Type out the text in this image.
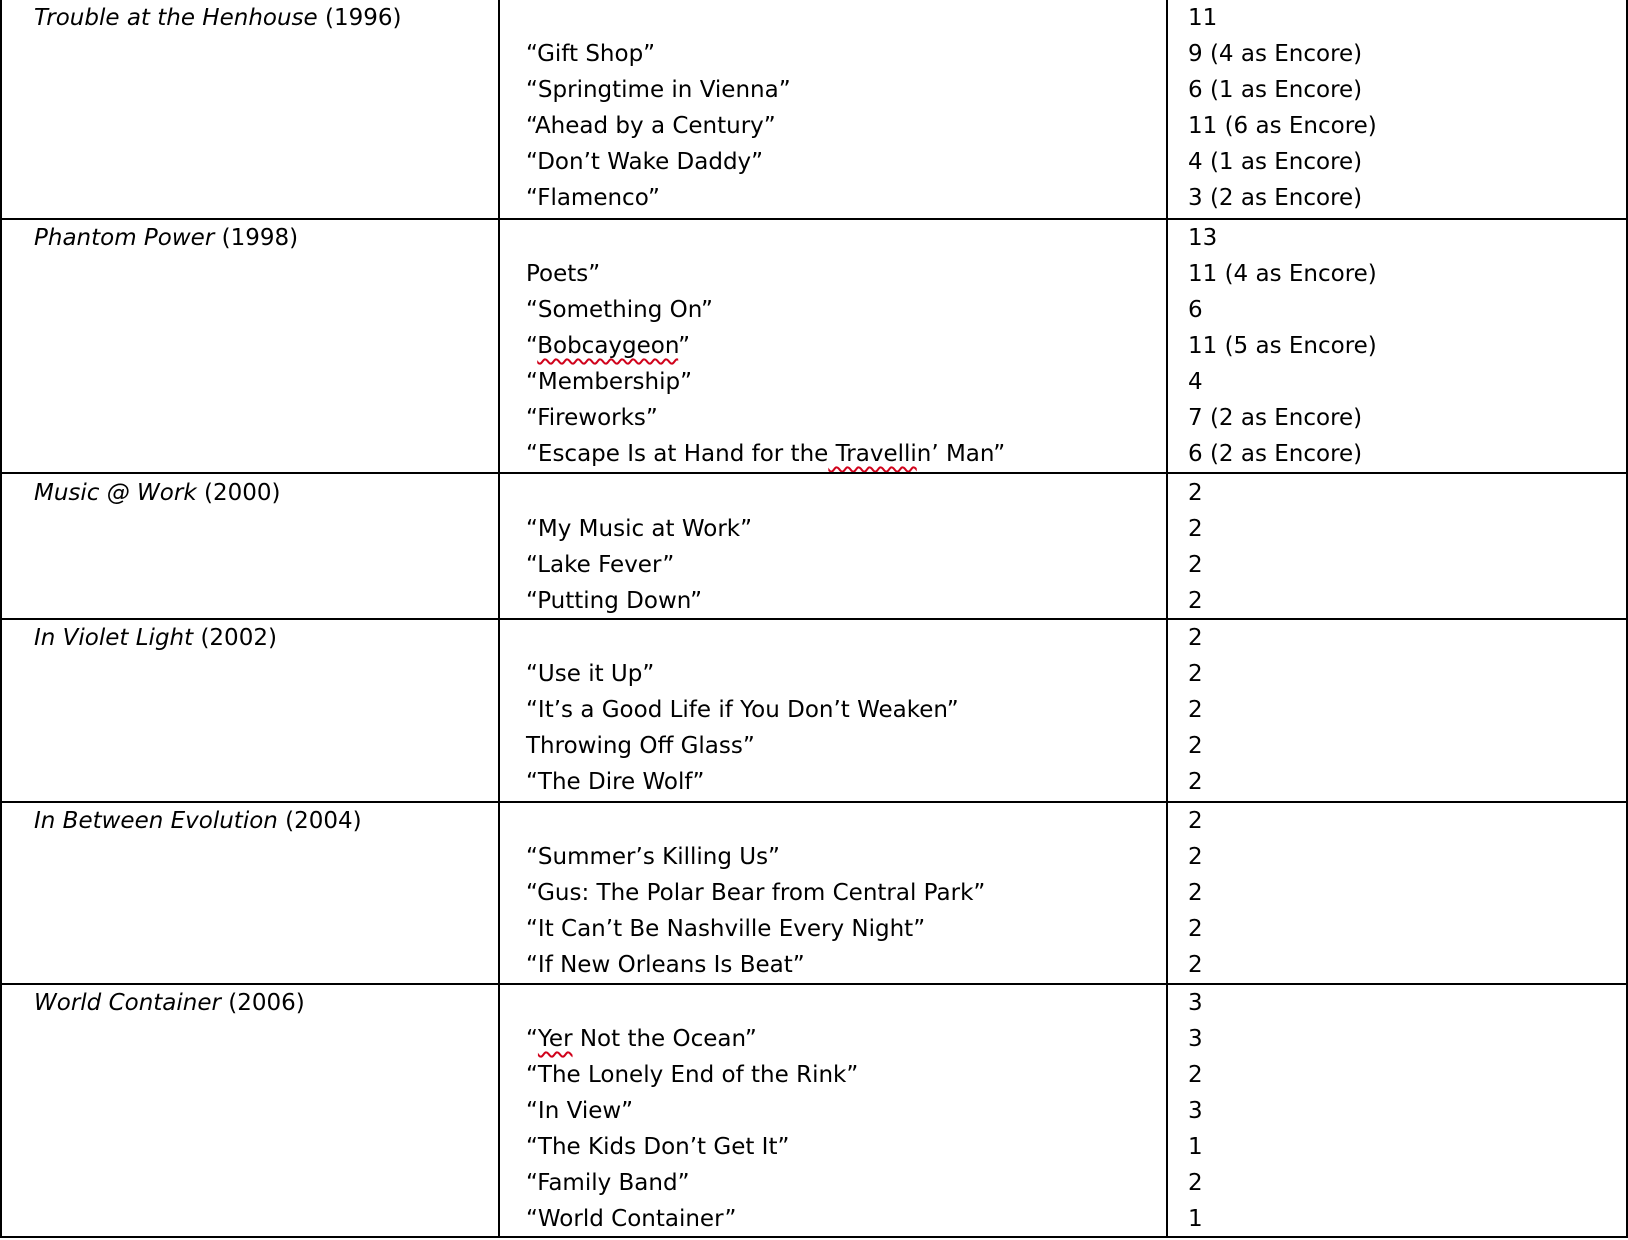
Trouble at the Henhouse (1996)	11
“Gift Shop”	9 (4 as Encore)
“Springtime in Vienna”	6 (1 as Encore)
“Ahead by a Century”	11 (6 as Encore)
“Don’t Wake Daddy”	4 (1 as Encore)
“Flamenco”	3 (2 as Encore)
Phantom Power (1998)	13
Poets”	11 (4 as Encore)
“Something On”	6
“Bobcaygeon”	11 (5 as Encore)
“Membership”	4
“Fireworks”	7 (2 as Encore)
“Escape Is at Hand for the Travellin’ Man”	6 (2 as Encore)
Music @ Work (2000)	2
“My Music at Work”	2
“Lake Fever”	2
“Putting Down”	2
In Violet Light (2002)	2
“Use it Up”	2
“It’s a Good Life if You Don’t Weaken”	2
Throwing Off Glass”	2
“The Dire Wolf”	2
In Between Evolution (2004)	2
“Summer’s Killing Us”	2
“Gus: The Polar Bear from Central Park”	2
“It Can’t Be Nashville Every Night”	2
“If New Orleans Is Beat”	2
World Container (2006)	3
“Yer Not the Ocean”	3
“The Lonely End of the Rink”	2
“In View”	3
“The Kids Don’t Get It”	1
“Family Band”	2
“World Container”	1
